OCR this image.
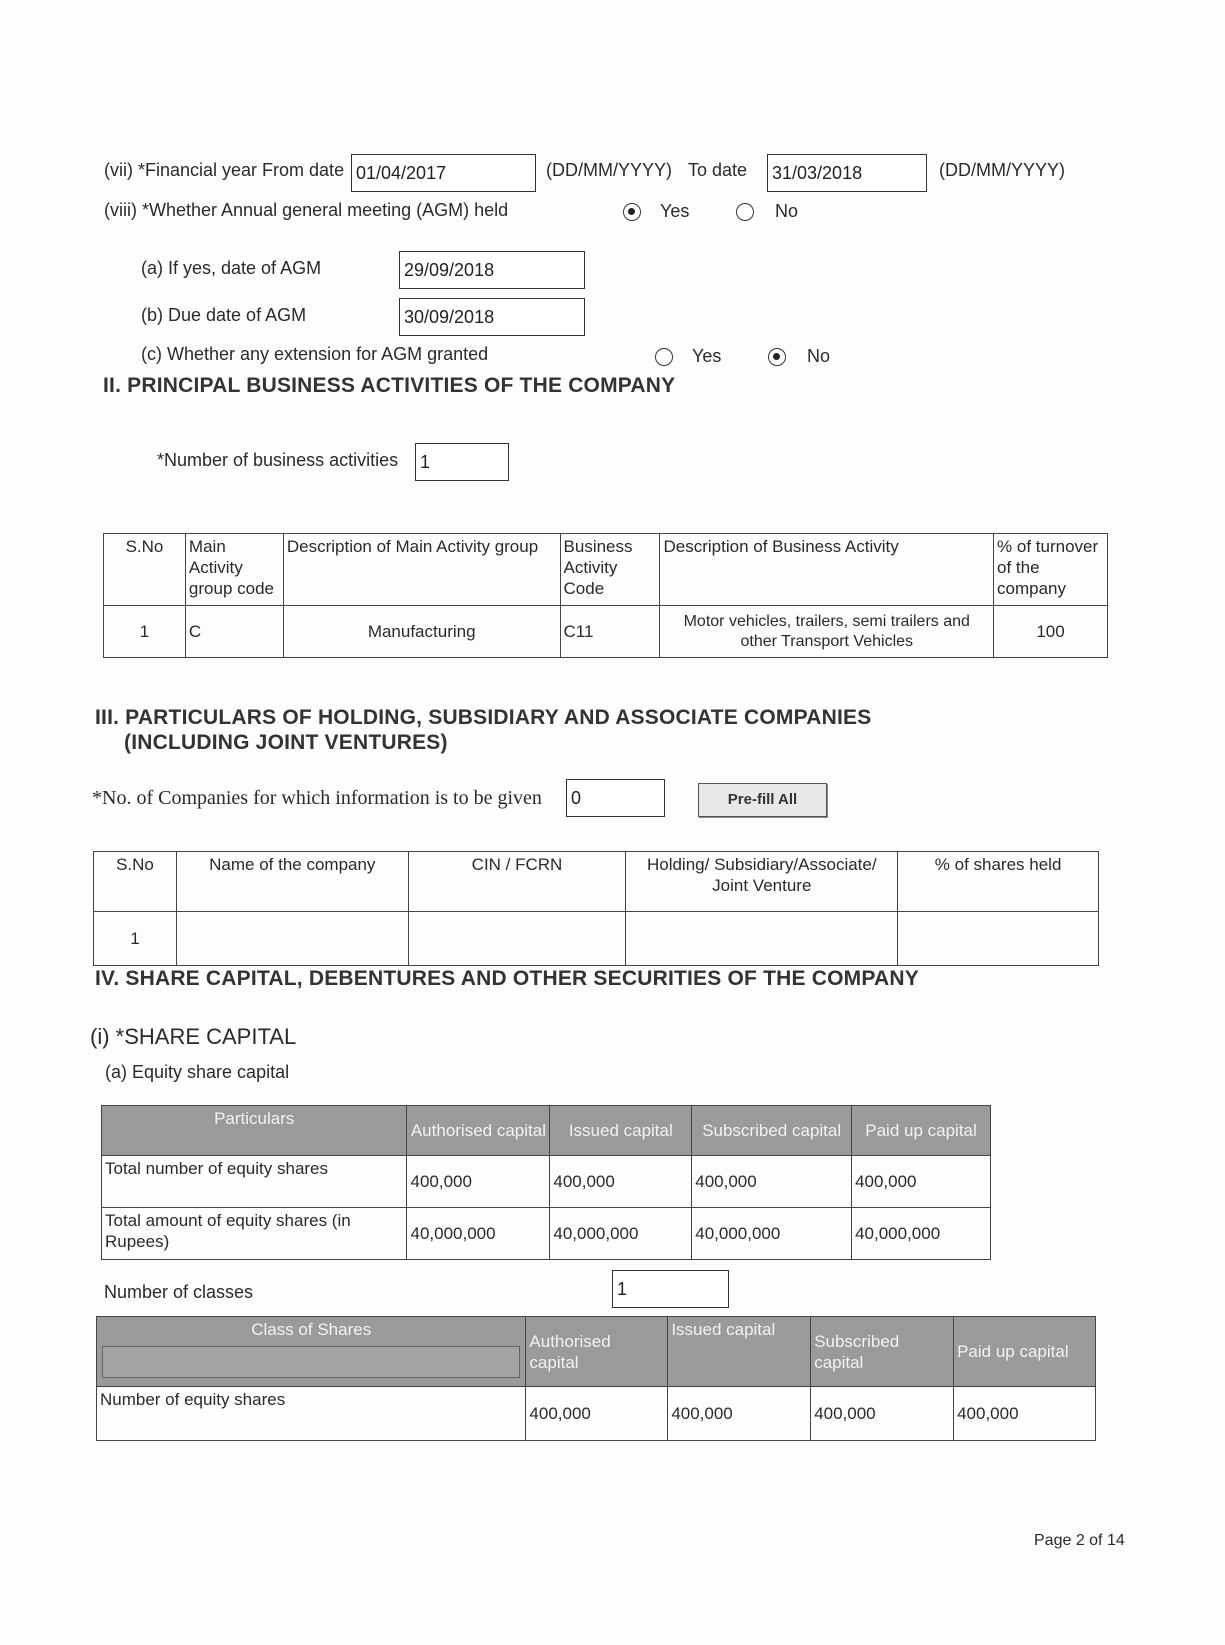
(vii) *Financial year From date 01/04/2017	(DD/MM/YYYY) To date 31/03/2018	(DD/MM/YYYY)
(viii) *Whether Annual general meeting (AGM) held	Yes	No
(a) If yes, date of AGM	29/09/2018
(b) Due date of AGM	30/09/2018
(c) Whether any extension for AGM granted	Yes	No
II. PRINCIPAL BUSINESS ACTIVITIES OF THE COMPANY
*Number of business activities 1
S.No	Main Activity group code	Description of Main Activity group	Business Activity Code	Description of Business Activity	% of turnover of the company
1	C	Manufacturing	C11	Motor vehicles, trailers, semi trailers and other Transport Vehicles	100
III. PARTICULARS OF HOLDING, SUBSIDIARY AND ASSOCIATE COMPANIES
(INCLUDING JOINT VENTURES)
*No. of Companies for which information is to be given 0	Pre-fill All
S.No	Name of the company	CIN / FCRN	Holding/ Subsidiary/Associate/ Joint Venture	% of shares held
1				
IV. SHARE CAPITAL, DEBENTURES AND OTHER SECURITIES OF THE COMPANY
(i) *SHARE CAPITAL
(a) Equity share capital
Particulars	Authorised capital	Issued capital	Subscribed capital	Paid up capital
Total number of equity shares	400,000	400,000	400,000	400,000
Total amount of equity shares (in Rupees)	40,000,000	40,000,000	40,000,000	40,000,000
Number of classes	1
Class of Shares	Authorised capital	Issued capital	Subscribed capital	Paid up capital
Number of equity shares	400,000	400,000	400,000	400,000
Page 2 of 14
